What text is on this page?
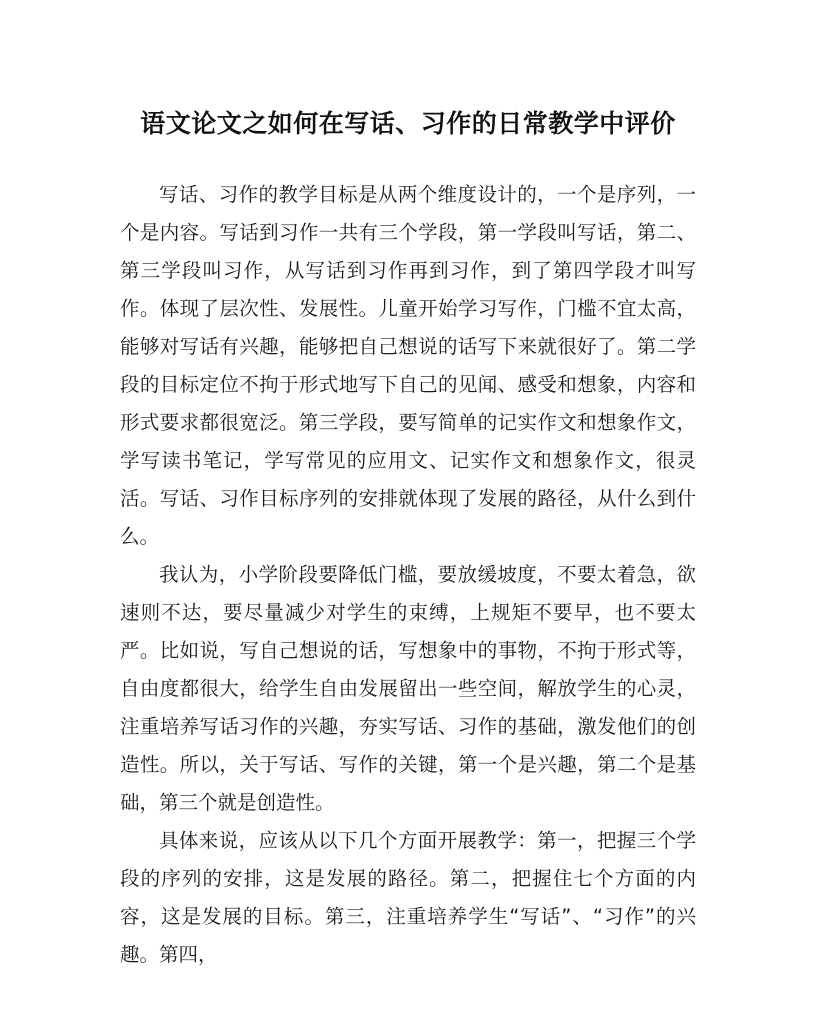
语文论文之如何在写话、习作的日常教学中评价

写话、习作的教学目标是从两个维度设计的，一个是序列，一个是内容。写话到习作一共有三个学段，第一学段叫写话，第二、第三学段叫习作，从写话到习作再到习作，到了第四学段才叫写作。体现了层次性、发展性。儿童开始学习写作，门槛不宜太高，能够对写话有兴趣，能够把自己想说的话写下来就很好了。第二学段的目标定位不拘于形式地写下自己的见闻、感受和想象，内容和形式要求都很宽泛。第三学段，要写简单的记实作文和想象作文，学写读书笔记，学写常见的应用文、记实作文和想象作文，很灵活。写话、习作目标序列的安排就体现了发展的路径，从什么到什么。

我认为，小学阶段要降低门槛，要放缓坡度，不要太着急，欲速则不达，要尽量减少对学生的束缚，上规矩不要早，也不要太严。比如说，写自己想说的话，写想象中的事物，不拘于形式等，自由度都很大，给学生自由发展留出一些空间，解放学生的心灵，注重培养写话习作的兴趣，夯实写话、习作的基础，激发他们的创造性。所以，关于写话、写作的关键，第一个是兴趣，第二个是基础，第三个就是创造性。

具体来说，应该从以下几个方面开展教学：第一，把握三个学段的序列的安排，这是发展的路径。第二，把握住七个方面的内容，这是发展的目标。第三，注重培养学生“写话”、“习作”的兴趣。第四，
